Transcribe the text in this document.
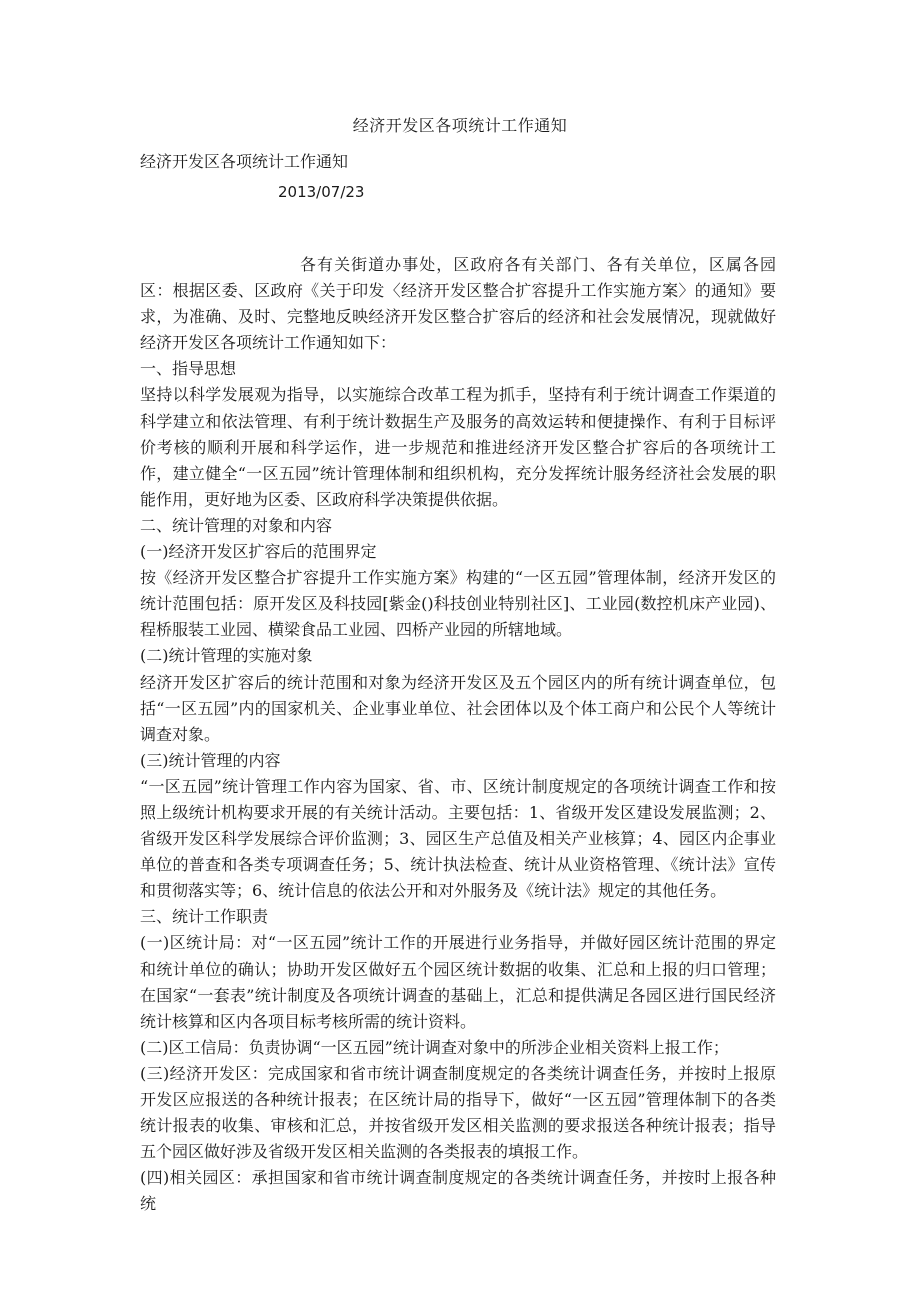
经济开发区各项统计工作通知
经济开发区各项统计工作通知
2013/07/23

各有关街道办事处，区政府各有关部门、各有关单位，区属各园区：根据区委、区政府《关于印发〈经济开发区整合扩容提升工作实施方案〉的通知》要求，为准确、及时、完整地反映经济开发区整合扩容后的经济和社会发展情况，现就做好经济开发区各项统计工作通知如下：

一、指导思想

坚持以科学发展观为指导，以实施综合改革工程为抓手，坚持有利于统计调查工作渠道的科学建立和依法管理、有利于统计数据生产及服务的高效运转和便捷操作、有利于目标评价考核的顺利开展和科学运作，进一步规范和推进经济开发区整合扩容后的各项统计工作，建立健全“一区五园”统计管理体制和组织机构，充分发挥统计服务经济社会发展的职能作用，更好地为区委、区政府科学决策提供依据。

二、统计管理的对象和内容

(一)经济开发区扩容后的范围界定

按《经济开发区整合扩容提升工作实施方案》构建的“一区五园”管理体制，经济开发区的统计范围包括：原开发区及科技园[紫金()科技创业特别社区]、工业园(数控机床产业园)、程桥服装工业园、横梁食品工业园、四桥产业园的所辖地域。

(二)统计管理的实施对象

经济开发区扩容后的统计范围和对象为经济开发区及五个园区内的所有统计调查单位，包括“一区五园”内的国家机关、企业事业单位、社会团体以及个体工商户和公民个人等统计调查对象。

(三)统计管理的内容

“一区五园”统计管理工作内容为国家、省、市、区统计制度规定的各项统计调查工作和按照上级统计机构要求开展的有关统计活动。主要包括：1、省级开发区建设发展监测；2、省级开发区科学发展综合评价监测；3、园区生产总值及相关产业核算；4、园区内企事业单位的普查和各类专项调查任务；5、统计执法检查、统计从业资格管理、《统计法》宣传和贯彻落实等；6、统计信息的依法公开和对外服务及《统计法》规定的其他任务。

三、统计工作职责

(一)区统计局：对“一区五园”统计工作的开展进行业务指导，并做好园区统计范围的界定和统计单位的确认；协助开发区做好五个园区统计数据的收集、汇总和上报的归口管理；在国家“一套表”统计制度及各项统计调查的基础上，汇总和提供满足各园区进行国民经济统计核算和区内各项目标考核所需的统计资料。

(二)区工信局：负责协调“一区五园”统计调查对象中的所涉企业相关资料上报工作；

(三)经济开发区：完成国家和省市统计调查制度规定的各类统计调查任务，并按时上报原开发区应报送的各种统计报表；在区统计局的指导下，做好“一区五园”管理体制下的各类统计报表的收集、审核和汇总，并按省级开发区相关监测的要求报送各种统计报表；指导五个园区做好涉及省级开发区相关监测的各类报表的填报工作。

(四)相关园区：承担国家和省市统计调查制度规定的各类统计调查任务，并按时上报各种统
